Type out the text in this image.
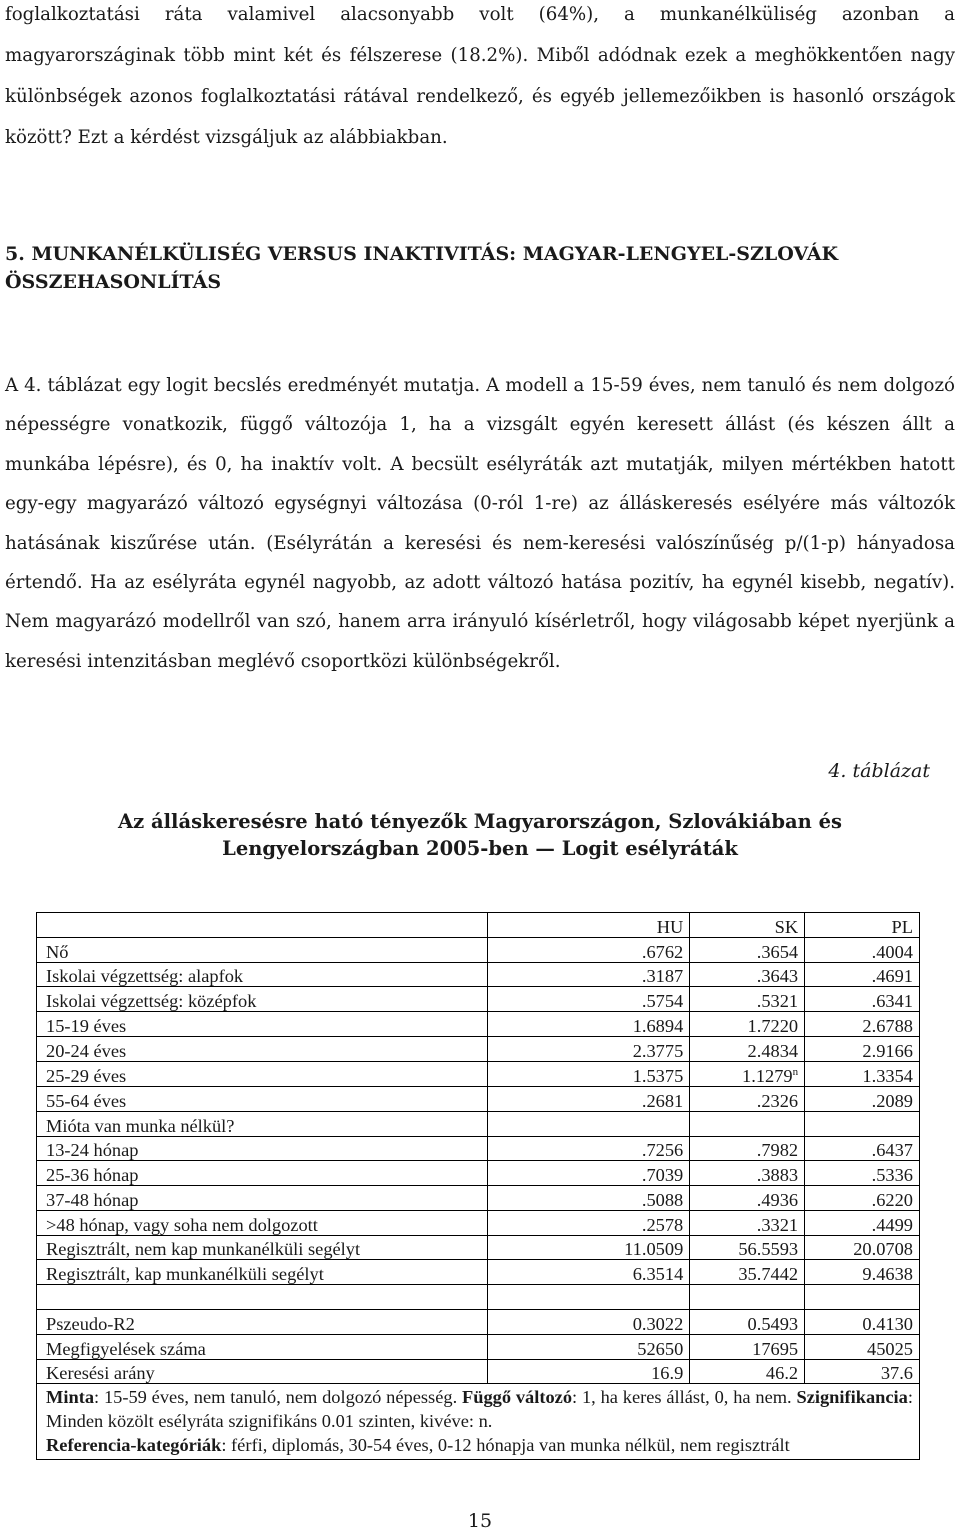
foglalkoztatási ráta valamivel alacsonyabb volt (64%), a munkanélküliség azonban a magyarországinak több mint két és félszerese (18.2%). Miből adódnak ezek a meghökkentően nagy különbségek azonos foglalkoztatási rátával rendelkező, és egyéb jellemezőikben is hasonló országok között? Ezt a kérdést vizsgáljuk az alábbiakban.

5. MUNKANÉLKÜLISÉG VERSUS INAKTIVITÁS: MAGYAR-LENGYEL-SZLOVÁK ÖSSZEHASONLÍTÁS

A 4. táblázat egy logit becslés eredményét mutatja. A modell a 15-59 éves, nem tanuló és nem dolgozó népességre vonatkozik, függő változója 1, ha a vizsgált egyén keresett állást (és készen állt a munkába lépésre), és 0, ha inaktív volt. A becsült esélyráták azt mutatják, milyen mértékben hatott egy-egy magyarázó változó egységnyi változása (0-ról 1-re) az álláskeresés esélyére más változók hatásának kiszűrése után. (Esélyrátán a keresési és nem-keresési valószínűség p/(1-p) hányadosa értendő. Ha az esélyráta egynél nagyobb, az adott változó hatása pozitív, ha egynél kisebb, negatív). Nem magyarázó modellről van szó, hanem arra irányuló kísérletről, hogy világosabb képet nyerjünk a keresési intenzitásban meglévő csoportközi különbségekről.

4. táblázat

Az álláskeresésre ható tényezők Magyarországon, Szlovákiában és
Lengyelországban 2005-ben — Logit esélyráták
	HU	SK	PL
Nő	.6762	.3654	.4004
Iskolai végzettség: alapfok	.3187	.3643	.4691
Iskolai végzettség: középfok	.5754	.5321	.6341
15-19 éves	1.6894	1.7220	2.6788
20-24 éves	2.3775	2.4834	2.9166
25-29 éves	1.5375	1.1279$^n$	1.3354
55-64 éves	.2681	.2326	.2089
Mióta van munka nélkül?			
13-24 hónap	.7256	.7982	.6437
25-36 hónap	.7039	.3883	.5336
37-48 hónap	.5088	.4936	.6220
>48 hónap, vagy soha nem dolgozott	.2578	.3321	.4499
Regisztrált, nem kap munkanélküli segélyt	11.0509	56.5593	20.0708
Regisztrált, kap munkanélküli segélyt	6.3514	35.7442	9.4638

Pszeudo-R2	0.3022	0.5493	0.4130
Megfigyelések száma	52650	17695	45025
Keresési arány	16.9	46.2	37.6
Minta: 15-59 éves, nem tanuló, nem dolgozó népesség. Függő változó: 1, ha keres állást, 0, ha nem. Szignifikancia: Minden közölt esélyráta szignifikáns 0.01 szinten, kivéve: n.
Referencia-kategóriák: férfi, diplomás, 30-54 éves, 0-12 hónapja van munka nélkül, nem regisztrált			

15
